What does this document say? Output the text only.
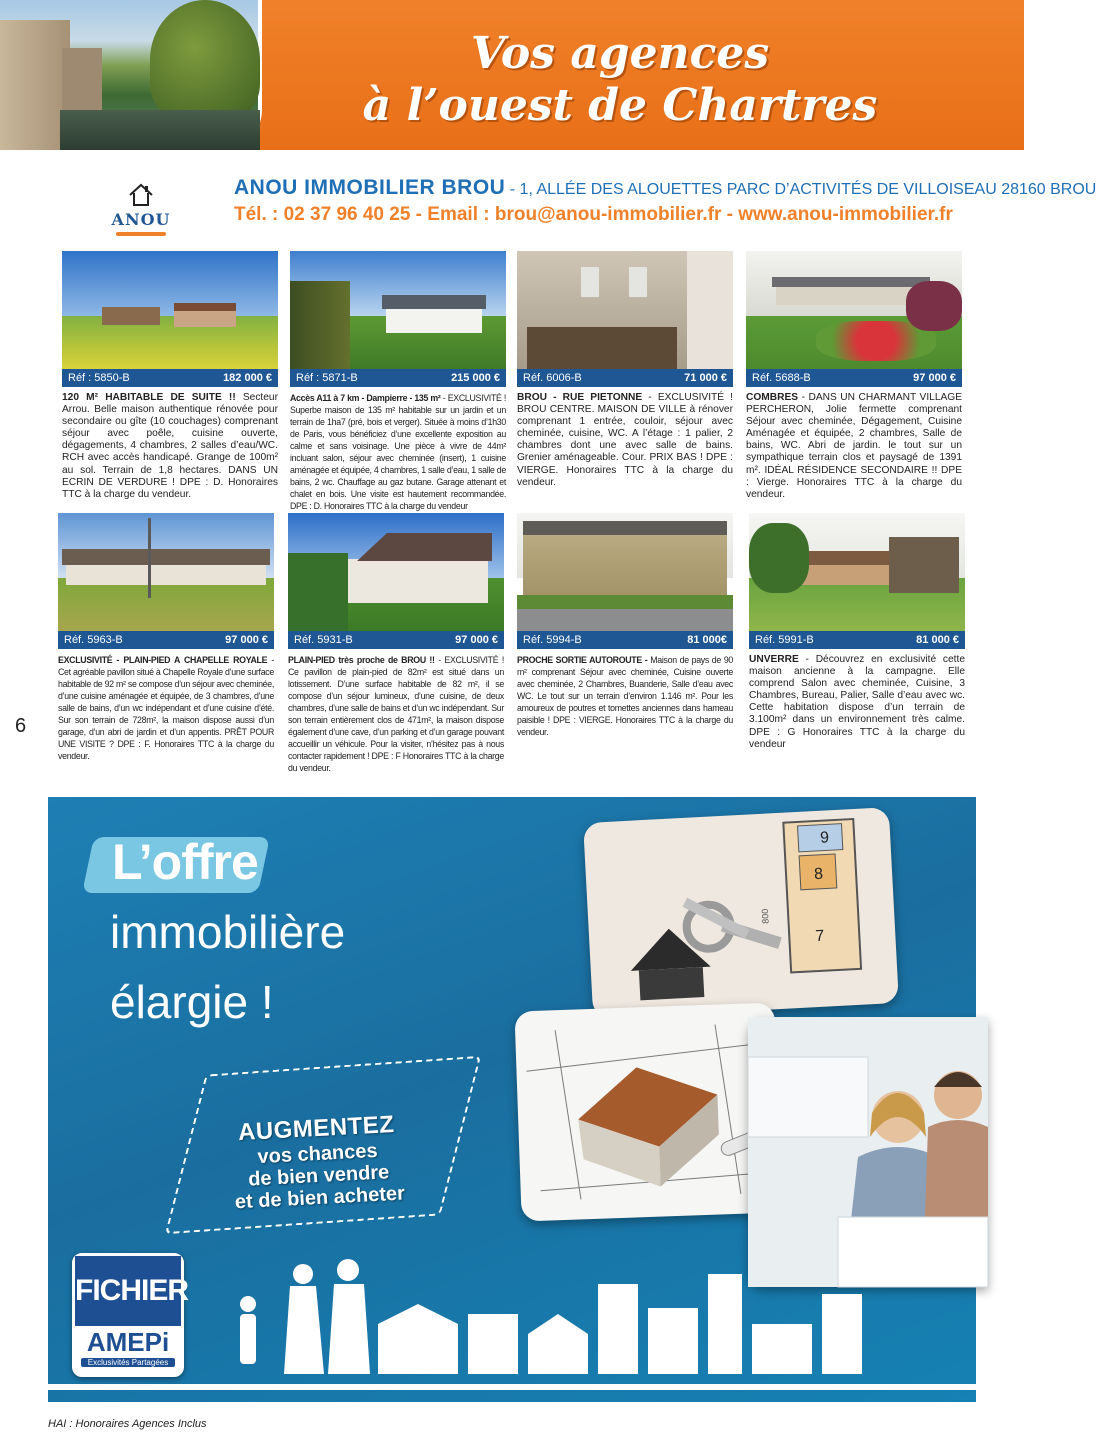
Vos agences
à l’ouest de Chartres
ANOU
ANOU IMMOBILIER BROU - 1, ALLÉE DES ALOUETTES PARC D’ACTIVITÉS DE VILLOISEAU 28160 BROU
Tél. : 02 37 96 40 25 - Email : brou@anou-immobilier.fr - www.anou-immobilier.fr
Réf : 5850-B	182 000 €
120 M² HABITABLE DE SUITE !! Secteur Arrou. Belle maison authentique rénovée pour secondaire ou gîte (10 couchages) comprenant séjour avec poêle, cuisine ouverte, dégagements, 4 chambres, 2 salles d’eau/WC. RCH avec accès handicapé. Grange de 100m² au sol. Terrain de 1,8 hectares. DANS UN ECRIN DE VERDURE ! DPE : D. Honoraires TTC à la charge du vendeur.
Réf : 5871-B	215 000 €
Accès A11 à 7 km - Dampierre - 135 m² - EXCLUSIVITÉ ! Superbe maison de 135 m² habitable sur un jardin et un terrain de 1ha7 (pré, bois et verger). Située à moins d’1h30 de Paris, vous bénéficiez d’une excellente exposition au calme et sans voisinage. Une pièce à vivre de 44m² incluant salon, séjour avec cheminée (insert), 1 cuisine aménagée et équipée, 4 chambres, 1 salle d’eau, 1 salle de bains, 2 wc. Chauffage au gaz butane. Garage attenant et chalet en bois. Une visite est hautement recommandée. DPE : D. Honoraires TTC à la charge du vendeur
Réf. 6006-B	71 000 €
BROU - RUE PIETONNE - EXCLUSIVITÉ ! BROU CENTRE. MAISON DE VILLE à rénover comprenant 1 entrée, couloir, séjour avec cheminée, cuisine, WC. A l’étage : 1 palier, 2 chambres dont une avec salle de bains. Grenier aménageable. Cour. PRIX BAS ! DPE : VIERGE. Honoraires TTC à la charge du vendeur.
Réf. 5688-B	97 000 €
COMBRES - DANS UN CHARMANT VILLAGE PERCHERON, Jolie fermette comprenant Séjour avec cheminée, Dégagement, Cuisine Aménagée et équipée, 2 chambres, Salle de bains, WC. Abri de jardin. le tout sur un sympathique terrain clos et paysagé de 1391 m². IDÉAL RÉSIDENCE SECONDAIRE !! DPE : Vierge. Honoraires TTC à la charge du vendeur.
Réf. 5963-B	97 000 €
EXCLUSIVITÉ - PLAIN-PIED A CHAPELLE ROYALE - Cet agréable pavillon situé à Chapelle Royale d’une surface habitable de 92 m² se compose d’un séjour avec cheminée, d’une cuisine aménagée et équipée, de 3 chambres, d’une salle de bains, d’un wc indépendant et d’une cuisine d’été. Sur son terrain de 728m², la maison dispose aussi d’un garage, d’un abri de jardin et d’un appentis. PRÊT POUR UNE VISITE ? DPE : F. Honoraires TTC à la charge du vendeur.
Réf. 5931-B	97 000 €
PLAIN-PIED très proche de BROU !! - EXCLUSIVITÉ ! Ce pavillon de plain-pied de 82m² est situé dans un lotissement. D’une surface habitable de 82 m², il se compose d’un séjour lumineux, d’une cuisine, de deux chambres, d’une salle de bains et d’un wc indépendant. Sur son terrain entièrement clos de 471m², la maison dispose également d’une cave, d’un parking et d’un garage pouvant accueillir un véhicule. Pour la visiter, n’hésitez pas à nous contacter rapidement ! DPE : F Honoraires TTC à la charge du vendeur.
Réf. 5994-B	81 000€
PROCHE SORTIE AUTOROUTE - Maison de pays de 90 m² comprenant Séjour avec cheminée, Cuisine ouverte avec cheminée, 2 Chambres, Buanderie, Salle d’eau avec WC. Le tout sur un terrain d’environ 1.146 m². Pour les amoureux de poutres et tomettes anciennes dans hameau paisible ! DPE : VIERGE. Honoraires TTC à la charge du vendeur.
Réf. 5991-B	81 000 €
UNVERRE - Découvrez en exclusivité cette maison ancienne à la campagne. Elle comprend Salon avec cheminée, Cuisine, 3 Chambres, Bureau, Palier, Salle d’eau avec wc. Cette habitation dispose d’un terrain de 3.100m² dans un environnement très calme. DPE : G Honoraires TTC à la charge du vendeur
6
L’offre
immobilière
élargie !
9
8
7
800
AUGMENTEZ
vos chances
de bien vendre
et de bien acheter
FICHIER
AMEPi
Exclusivités Partagées
HAI : Honoraires Agences Inclus
